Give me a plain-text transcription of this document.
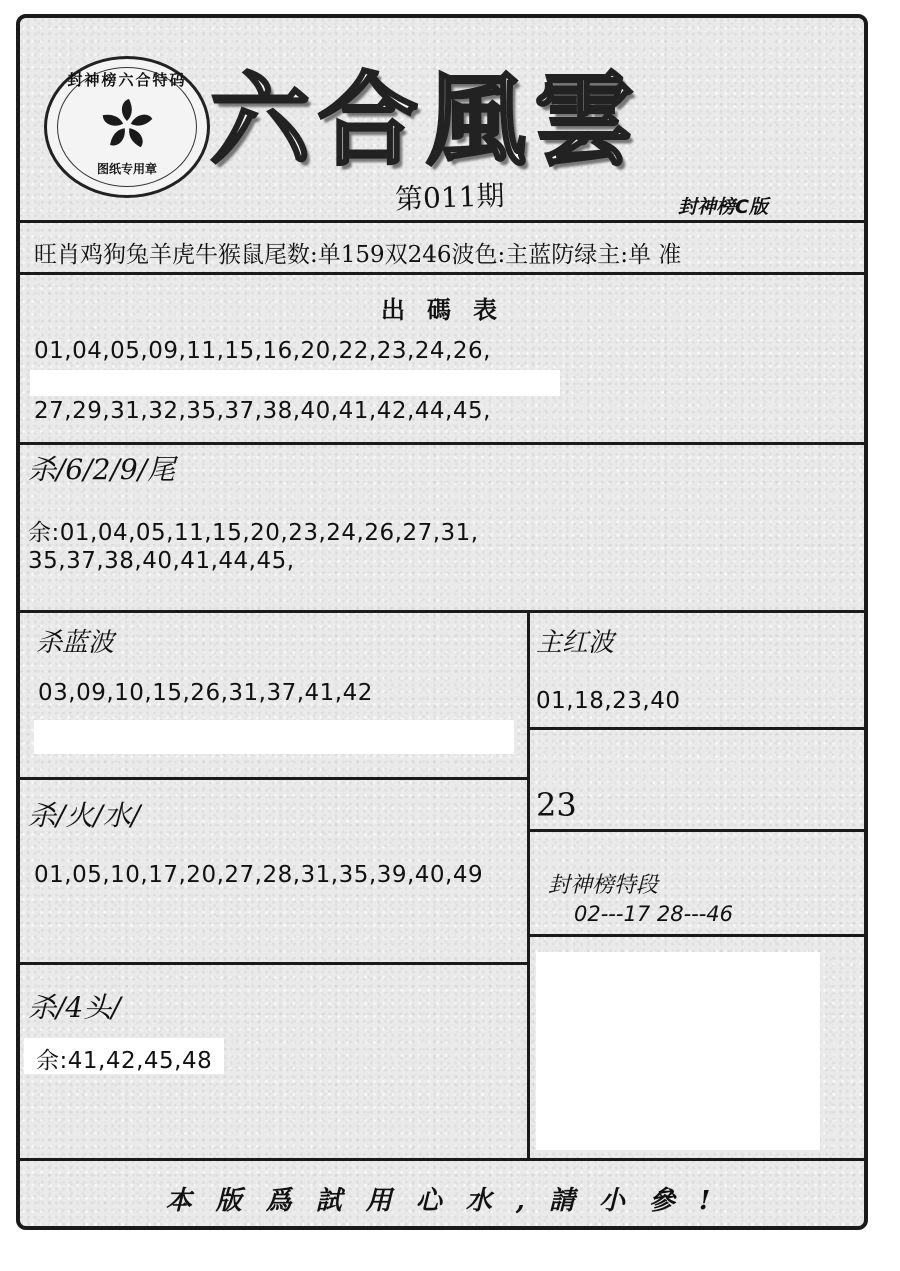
封神榜六合特码
图纸专用章 六合風雲
第011期	封神榜C版
旺肖鸡狗兔羊虎牛猴鼠尾数:单159双246波色:主蓝防绿主:单 准
出碼表
01,04,05,09,11,15,16,20,22,23,24,26,
27,29,31,32,35,37,38,40,41,42,44,45,
杀/6/2/9/尾
余:01,04,05,11,15,20,23,24,26,27,31,
35,37,38,40,41,44,45,
杀蓝波
03,09,10,15,26,31,37,41,42
主红波
01,18,23,40
23
杀/火/水/
01,05,10,17,20,27,28,31,35,39,40,49	封神榜特段
02---17 28---46
杀/4头/
余:41,42,45,48
本版爲試用心水,請小參!
